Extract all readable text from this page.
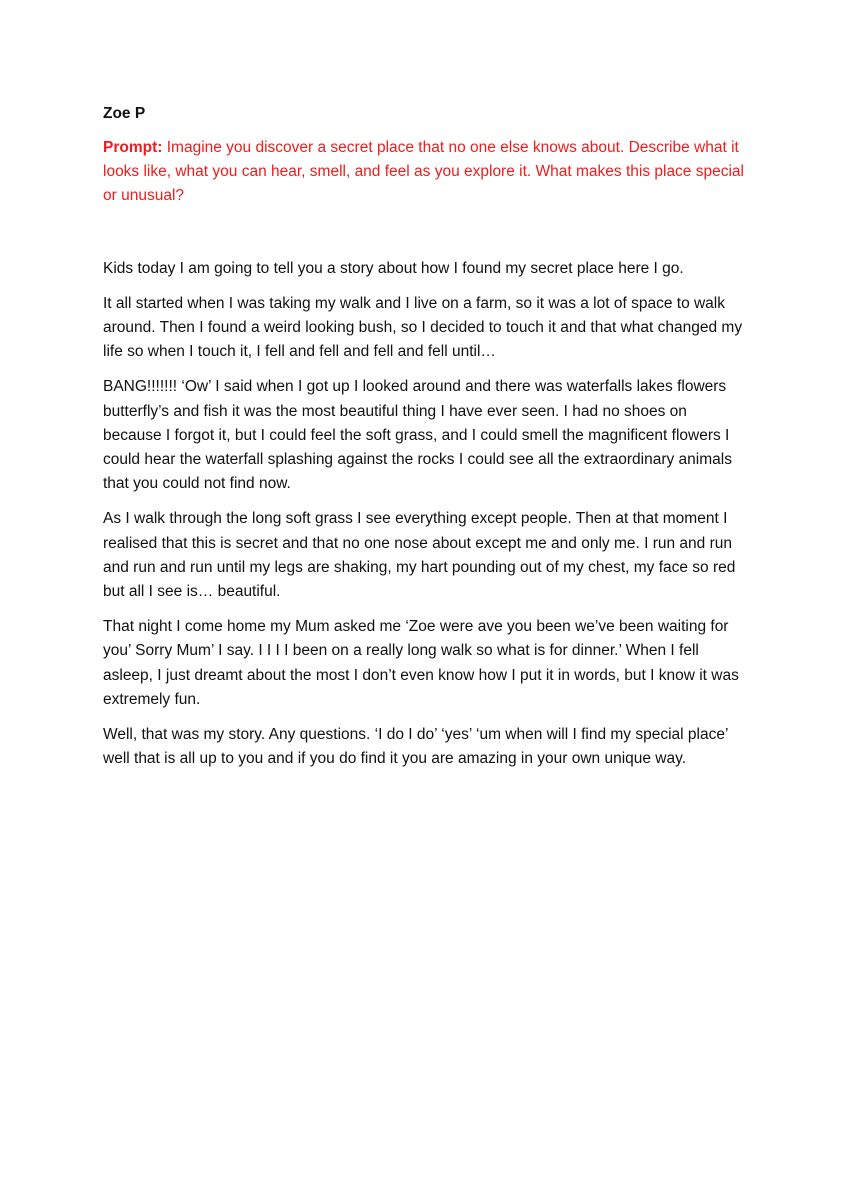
Zoe P
Prompt: Imagine you discover a secret place that no one else knows about. Describe what it looks like, what you can hear, smell, and feel as you explore it. What makes this place special or unusual?

Kids today I am going to tell you a story about how I found my secret place here I go.

It all started when I was taking my walk and I live on a farm, so it was a lot of space to walk around. Then I found a weird looking bush, so I decided to touch it and that what changed my life so when I touch it, I fell and fell and fell and fell until…

BANG!!!!!!! ‘Ow’ I said when I got up I looked around and there was waterfalls lakes flowers butterfly’s and fish it was the most beautiful thing I have ever seen. I had no shoes on because I forgot it, but I could feel the soft grass, and I could smell the magnificent flowers I could hear the waterfall splashing against the rocks I could see all the extraordinary animals that you could not find now.

As I walk through the long soft grass I see everything except people. Then at that moment I realised that this is secret and that no one nose about except me and only me. I run and run and run and run until my legs are shaking, my hart pounding out of my chest, my face so red but all I see is… beautiful.

That night I come home my Mum asked me ‘Zoe were ave you been we’ve been waiting for you’ Sorry Mum’ I say. I I I I been on a really long walk so what is for dinner.’ When I fell asleep, I just dreamt about the most I don’t even know how I put it in words, but I know it was extremely fun.

Well, that was my story. Any questions. ‘I do I do’ ‘yes’ ‘um when will I find my special place’ well that is all up to you and if you do find it you are amazing in your own unique way.
